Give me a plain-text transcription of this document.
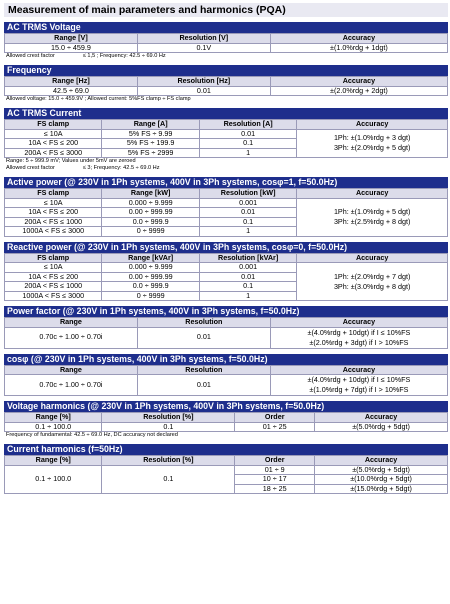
Measurement of main parameters and harmonics (PQA)
AC TRMS Voltage
Range [V]	Resolution [V]	Accuracy
15.0 ÷ 459.9	0.1V	±(1.0%rdg + 1dgt)
Allowed crest factor                  ≤ 1,5 ; Frequency: 42.5 ÷ 69.0 Hz
Frequency
Range [Hz]	Resolution [Hz]	Accuracy
42.5 ÷ 69.0	0.01	±(2.0%rdg + 2dgt)
Allowed voltage: 15.0 ÷ 459.9V ; Allowed current: 5%FS clamp ÷ FS clamp
AC TRMS Current
FS clamp	Range [A]	Resolution [A]	Accuracy
≤ 10A	5% FS ÷ 9.99	0.01	1Ph: ±(1.0%rdg + 3 dgt)
3Ph: ±(2.0%rdg + 5 dgt)

10A < FS ≤ 200	5% FS ÷ 199.9	0.1	
200A < FS ≤ 3000	5% FS ÷ 2999	1	
Range: 5 ÷ 999.9 mV; Values under 5mV are zeroed
Allowed crest factor                  ≤ 3; Frequency: 42.5 ÷ 69.0 Hz
Active power (@ 230V in 1Ph systems, 400V in 3Ph systems, cosφ=1, f=50.0Hz)
FS clamp	Range [kW]	Resolution [kW]	Accuracy
≤ 10A	0.000 ÷ 9.999	0.001	1Ph: ±(1.0%rdg + 5 dgt)
3Ph: ±(2.5%rdg + 8 dgt)

10A < FS ≤ 200	0.00 ÷ 999.99	0.01	
200A < FS ≤ 1000	0.0 ÷ 999.9	0.1	
1000A < FS ≤ 3000	0 ÷ 9999	1	
Reactive power (@ 230V in 1Ph systems, 400V in 3Ph systems, cosφ=0, f=50.0Hz)
FS clamp	Range [kVAr]	Resolution [kVAr]	Accuracy
≤ 10A	0.000 ÷ 9.999	0.001	1Ph: ±(2.0%rdg + 7 dgt)
3Ph: ±(3.0%rdg + 8 dgt)

10A < FS ≤ 200	0.00 ÷ 999.99	0.01	
200A < FS ≤ 1000	0.0 ÷ 999.9	0.1	
1000A < FS ≤ 3000	0 ÷ 9999	1	
Power factor (@ 230V in 1Ph systems, 400V in 3Ph systems, f=50.0Hz)
Range	Resolution	Accuracy
0.70c ÷ 1.00 ÷ 0.70i	0.01	±(4.0%rdg + 10dgt) if I ≤ 10%FS
±(2.0%rdg + 3dgt) if I > 10%FS
cosφ (@ 230V in 1Ph systems, 400V in 3Ph systems, f=50.0Hz)
Range	Resolution	Accuracy
0.70c ÷ 1.00 ÷ 0.70i	0.01	±(4.0%rdg + 10dgt) if I ≤ 10%FS
±(1.0%rdg + 7dgt) if I > 10%FS
Voltage harmonics (@ 230V in 1Ph systems, 400V in 3Ph systems, f=50.0Hz)
Range [%]	Resolution [%]	Order	Accuracy
0.1 ÷ 100.0	0.1	01 ÷ 25	±(5.0%rdg + 5dgt)
Frequency of fundamental: 42.5 ÷ 69.0 Hz, DC accuracy not declared
Current harmonics (f=50Hz)
Range [%]	Resolution [%]	Order	Accuracy
0.1 ÷ 100.0	0.1	01 ÷ 9	±(5.0%rdg + 5dgt)
		10 ÷ 17	±(10.0%rdg + 5dgt)
		18 ÷ 25	±(15.0%rdg + 5dgt)
